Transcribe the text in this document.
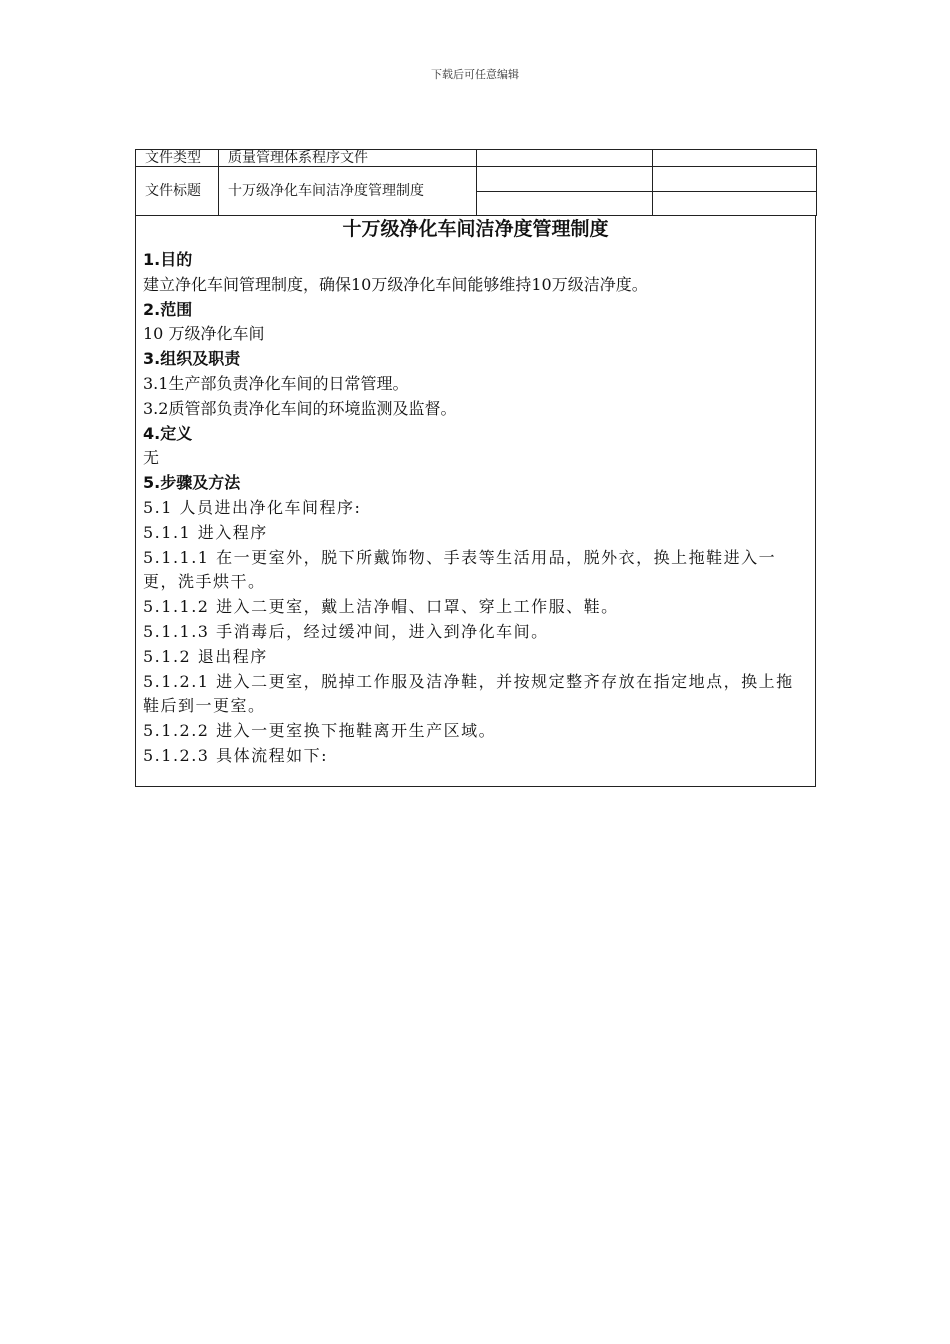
下载后可任意编辑
文件类型	质量管理体系程序文件		
文件标题	十万级净化车间洁净度管理制度		

十万级净化车间洁净度管理制度

1.目的

建立净化车间管理制度，确保10万级净化车间能够维持10万级洁净度。

2.范围

10 万级净化车间

3.组织及职责

3.1生产部负责净化车间的日常管理。

3.2质管部负责净化车间的环境监测及监督。

4.定义

无

5.步骤及方法

5.1 人员进出净化车间程序:

5.1.1 进入程序

5.1.1.1 在一更室外，脱下所戴饰物、手表等生活用品，脱外衣，换上拖鞋进入一更，洗手烘干。

5.1.1.2 进入二更室，戴上洁净帽、口罩、穿上工作服、鞋。

5.1.1.3 手消毒后，经过缓冲间，进入到净化车间。

5.1.2 退出程序

5.1.2.1 进入二更室，脱掉工作服及洁净鞋，并按规定整齐存放在指定地点，换上拖鞋后到一更室。

5.1.2.2 进入一更室换下拖鞋离开生产区域。

5.1.2.3 具体流程如下:
